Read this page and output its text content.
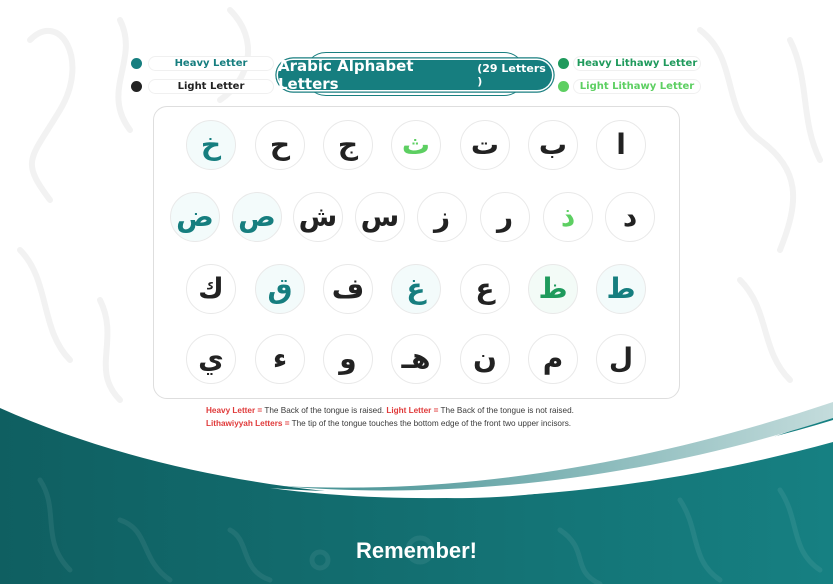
Heavy Letter
Light Letter
Heavy Lithawy Letter
Light Lithawy Letter
Arabic Alphabet Letters
(29 Letters )
ا
ب
ت
ث
ج
ح
خ
د
ذ
ر
ز
س
ش
ص
ض
ط
ظ
ع
غ
ف
ق
ك
ل
م
ن
هـ
و
ء
ي
Heavy Letter = The Back of the tongue is raised. Light Letter = The Back of the tongue is not raised.
Lithawiyyah Letters = The tip of the tongue touches the bottom edge of the front two upper incisors.
Remember!
